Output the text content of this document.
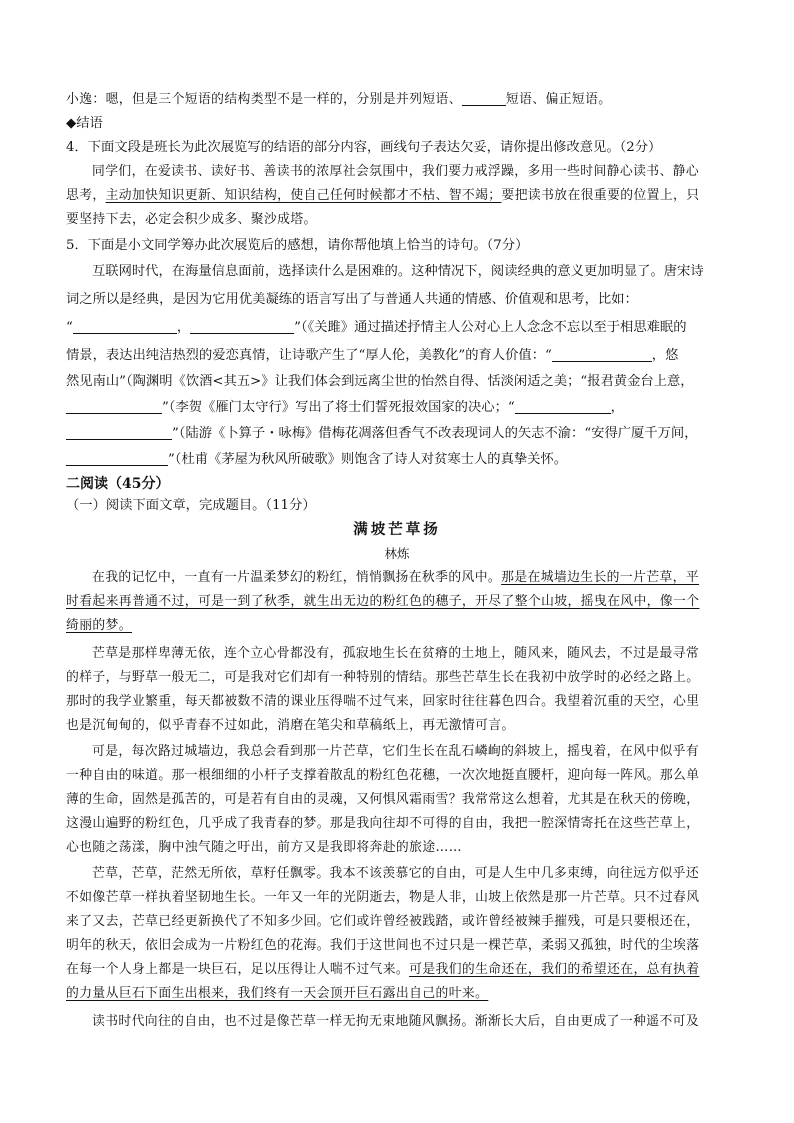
小逸：嗯，但是三个短语的结构类型不是一样的，分别是并列短语、	短语、偏正短语。
◆结语
4．下面文段是班长为此次展览写的结语的部分内容，画线句子表达欠妥，请你提出修改意见。（2分）
同学们，在爱读书、读好书、善读书的浓厚社会氛围中，我们要力戒浮躁，多用一些时间静心读书、静心
思考，主动加快知识更新、知识结构，使自己任何时候都才不枯、智不竭；要把读书放在很重要的位置上，只
要坚持下去，必定会积少成多、聚沙成塔。
5．下面是小文同学筹办此次展览后的感想，请你帮他填上恰当的诗句。（7分）
互联网时代，在海量信息面前，选择读什么是困难的。这种情况下，阅读经典的意义更加明显了。唐宋诗
词之所以是经典，是因为它用优美凝练的语言写出了与普通人共通的情感、价值观和思考，比如：
“	，	”（《关雎》通过描述抒情主人公对心上人念念不忘以至于相思难眠的
情景，表达出纯洁热烈的爱恋真情，让诗歌产生了“厚人伦，美教化”的育人价值：“	，悠
然见南山”（陶渊明《饮酒<其五>》让我们体会到远离尘世的怡然自得、恬淡闲适之美；“报君黄金台上意，
”（李贺《雁门太守行》写出了将士们誓死报效国家的决心；“	，
”（陆游《卜算子・咏梅》借梅花凋落但香气不改表现词人的矢志不渝：“安得广厦千万间，
”（杜甫《茅屋为秋风所破歌》则饱含了诗人对贫寒士人的真挚关怀。
二阅读（45分）
（一）阅读下面文章，完成题目。（11分）
满坡芒草扬
林炼
在我的记忆中，一直有一片温柔梦幻的粉红，悄悄飘扬在秋季的风中。那是在城墙边生长的一片芒草，平
时看起来再普通不过，可是一到了秋季，就生出无边的粉红色的穗子，开尽了整个山坡，摇曳在风中，像一个
绮丽的梦。
芒草是那样卑薄无依，连个立心骨都没有，孤寂地生长在贫瘠的土地上，随风来，随风去，不过是最寻常
的样子，与野草一般无二，可是我对它们却有一种特别的情结。那些芒草生长在我初中放学时的必经之路上。
那时的我学业繁重，每天都被数不清的课业压得喘不过气来，回家时往往暮色四合。我望着沉重的天空，心里
也是沉甸甸的，似乎青春不过如此，消磨在笔尖和草稿纸上，再无激情可言。
可是，每次路过城墙边，我总会看到那一片芒草，它们生长在乱石嶙峋的斜坡上，摇曳着，在风中似乎有
一种自由的味道。那一根细细的小杆子支撑着散乱的粉红色花穗，一次次地挺直腰杆，迎向每一阵风。那么单
薄的生命，固然是孤苦的，可是若有自由的灵魂，又何惧风霜雨雪？我常常这么想着，尤其是在秋天的傍晚，
这漫山遍野的粉红色，几乎成了我青春的梦。那是我向往却不可得的自由，我把一腔深情寄托在这些芒草上，
心也随之荡漾，胸中浊气随之吁出，前方又是我即将奔赴的旅途……
芒草，芒草，茫然无所依，草籽任飘零。我本不该羡慕它的自由，可是人生中几多束缚，向往远方似乎还
不如像芒草一样执着坚韧地生长。一年又一年的光阴逝去，物是人非，山坡上依然是那一片芒草。只不过春风
来了又去，芒草已经更新换代了不知多少回。它们或许曾经被践踏，或许曾经被辣手摧残，可是只要根还在，
明年的秋天，依旧会成为一片粉红色的花海。我们于这世间也不过只是一棵芒草，柔弱又孤独，时代的尘埃落
在每一个人身上都是一块巨石，足以压得让人喘不过气来。可是我们的生命还在，我们的希望还在，总有执着
的力量从巨石下面生出根来，我们终有一天会顶开巨石露出自己的叶来。
读书时代向往的自由，也不过是像芒草一样无拘无束地随风飘扬。渐渐长大后，自由更成了一种遥不可及
